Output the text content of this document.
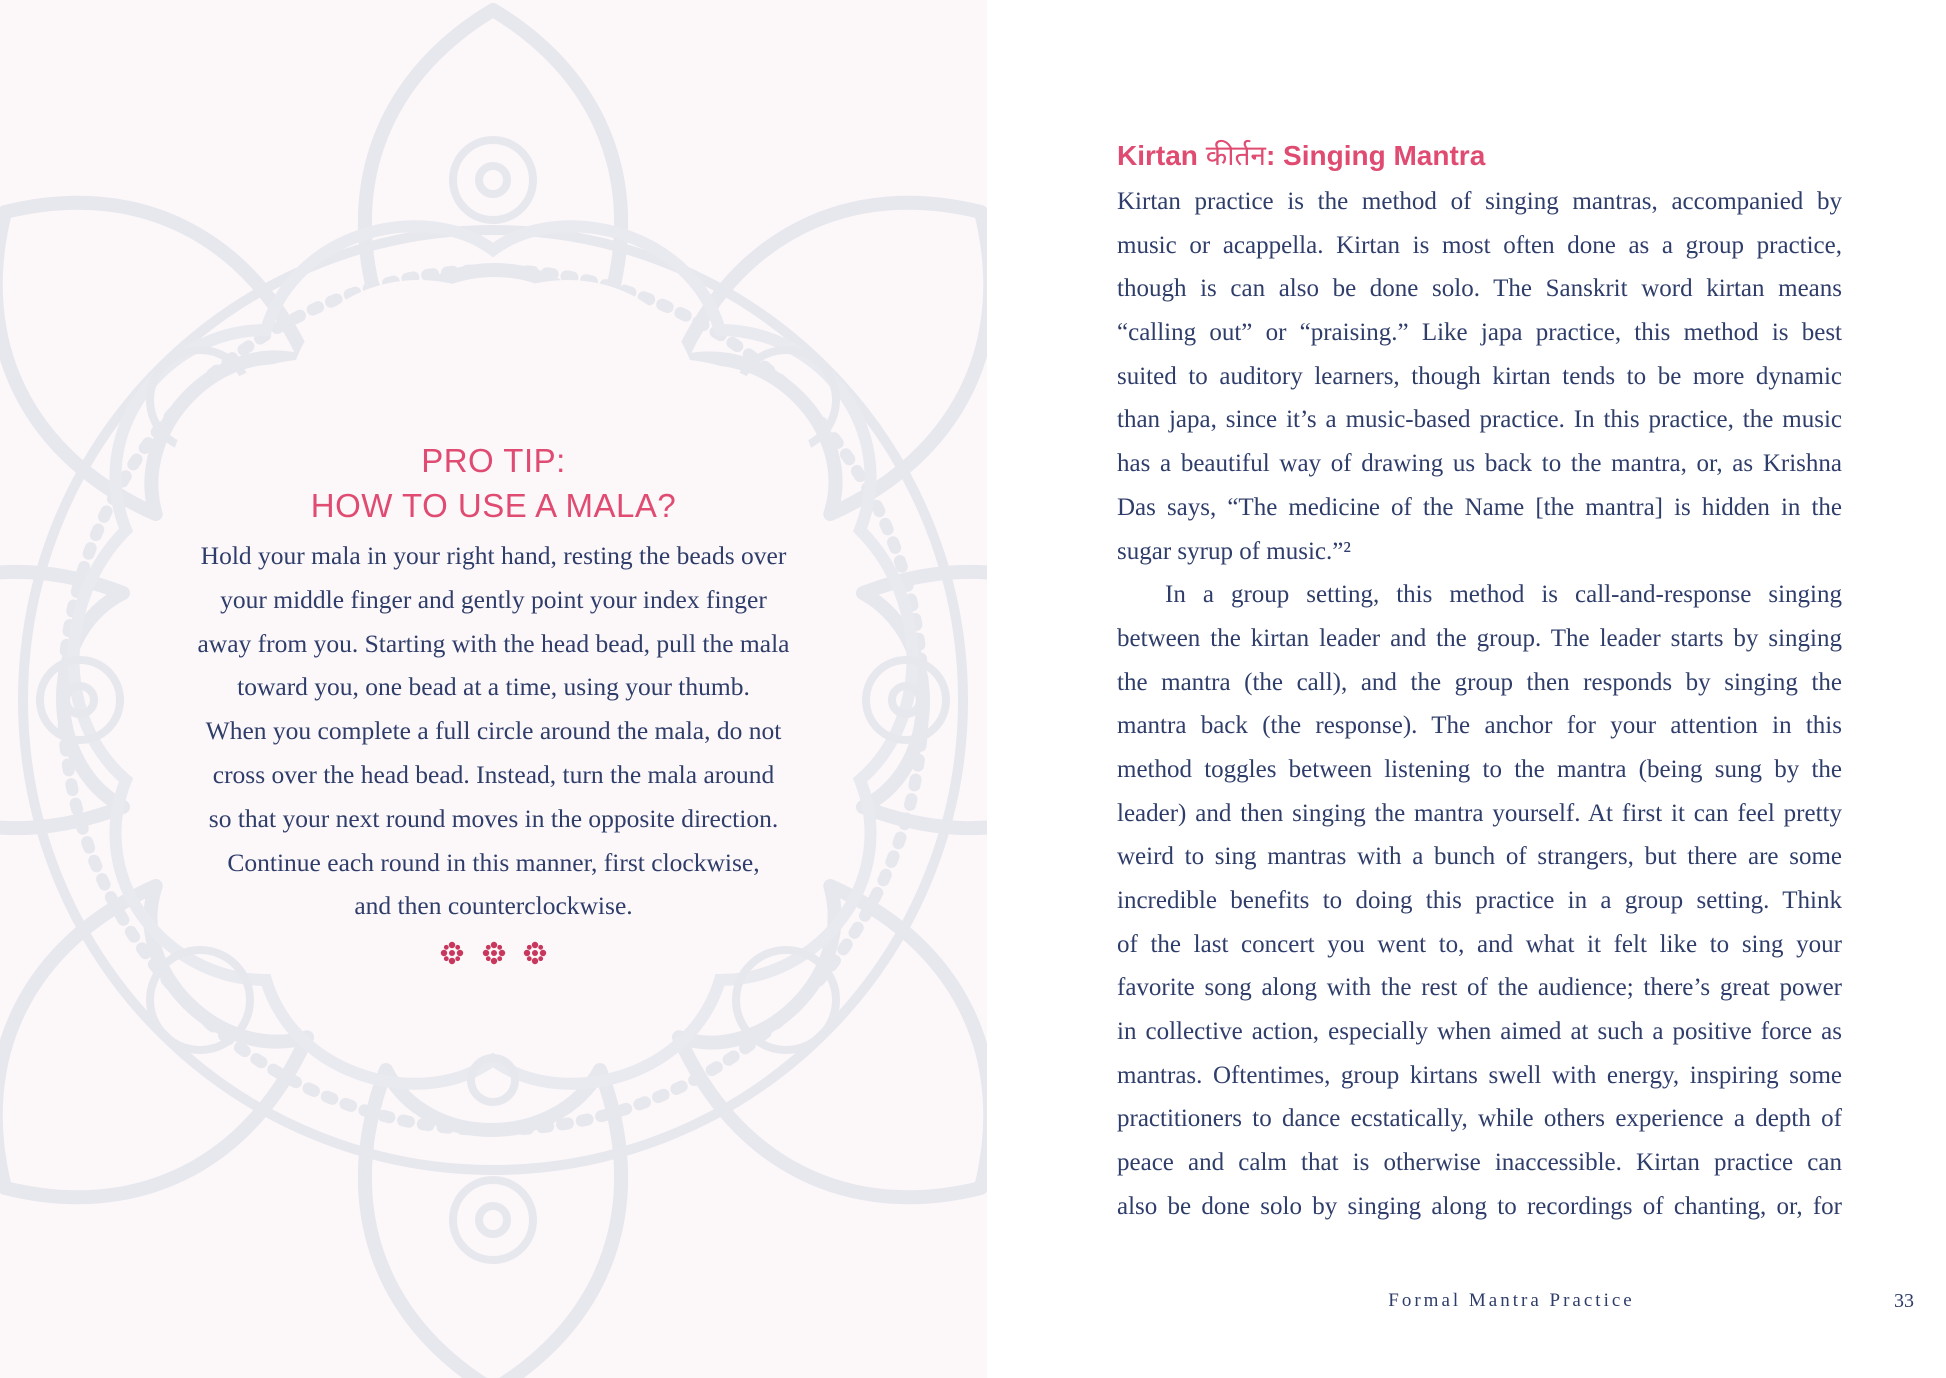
PRO TIP:
HOW TO USE A MALA?
Hold your mala in your right hand, resting the beads over
your middle finger and gently point your index finger
away from you. Starting with the head bead, pull the mala
toward you, one bead at a time, using your thumb.
When you complete a full circle around the mala, do not
cross over the head bead. Instead, turn the mala around
so that your next round moves in the opposite direction.
Continue each round in this manner, first clockwise,
and then counterclockwise.
Kirtan कीर्तन: Singing Mantra
Kirtan practice is the method of singing mantras, accompanied by
music or acappella. Kirtan is most often done as a group practice,
though is can also be done solo. The Sanskrit word kirtan means
“calling out” or “praising.” Like japa practice, this method is best
suited to auditory learners, though kirtan tends to be more dynamic
than japa, since it’s a music-based practice. In this practice, the music
has a beautiful way of drawing us back to the mantra, or, as Krishna
Das says, “The medicine of the Name [the mantra] is hidden in the
sugar syrup of music.”²
In a group setting, this method is call-and-response singing
between the kirtan leader and the group. The leader starts by singing
the mantra (the call), and the group then responds by singing the
mantra back (the response). The anchor for your attention in this
method toggles between listening to the mantra (being sung by the
leader) and then singing the mantra yourself. At first it can feel pretty
weird to sing mantras with a bunch of strangers, but there are some
incredible benefits to doing this practice in a group setting. Think
of the last concert you went to, and what it felt like to sing your
favorite song along with the rest of the audience; there’s great power
in collective action, especially when aimed at such a positive force as
mantras. Oftentimes, group kirtans swell with energy, inspiring some
practitioners to dance ecstatically, while others experience a depth of
peace and calm that is otherwise inaccessible. Kirtan practice can
also be done solo by singing along to recordings of chanting, or, for
Formal Mantra Practice	33
